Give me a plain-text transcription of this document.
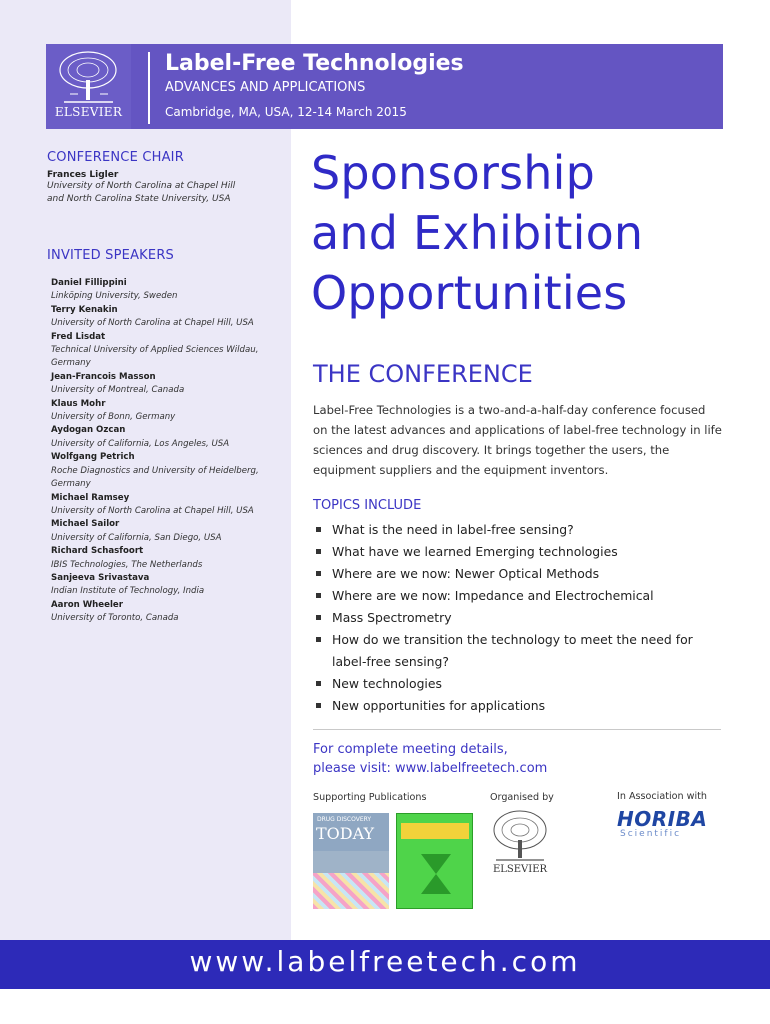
ELSEVIER
Label-Free Technologies
ADVANCES AND APPLICATIONS
Cambridge, MA, USA, 12-14 March 2015
CONFERENCE CHAIR
Frances Ligler
University of North Carolina at Chapel Hill
and North Carolina State University, USA
INVITED SPEAKERS
Daniel Fillippini
Linköping University, Sweden
Terry Kenakin
University of North Carolina at Chapel Hill, USA
Fred Lisdat
Technical University of Applied Sciences Wildau,
Germany
Jean-Francois Masson
University of Montreal, Canada
Klaus Mohr
University of Bonn, Germany
Aydogan Ozcan
University of California, Los Angeles, USA
Wolfgang Petrich
Roche Diagnostics and University of Heidelberg,
Germany
Michael Ramsey
University of North Carolina at Chapel Hill, USA
Michael Sailor
University of California, San Diego, USA
Richard Schasfoort
IBIS Technologies, The Netherlands
Sanjeeva Srivastava
Indian Institute of Technology, India
Aaron Wheeler
University of Toronto, Canada
Sponsorship
and Exhibition
Opportunities
THE CONFERENCE
Label-Free Technologies is a two-and-a-half-day conference focused on the latest advances and applications of label-free technology in life sciences and drug discovery. It brings together the users, the equipment suppliers and the equipment inventors.
TOPICS INCLUDE
What is the need in label-free sensing?
What have we learned Emerging technologies
Where are we now: Newer Optical Methods
Where are we now: Impedance and Electrochemical
Mass Spectrometry
How do we transition the technology to meet the need for label-free sensing?
New technologies
New opportunities for applications
For complete meeting details,
please visit: www.labelfreetech.com
Supporting Publications	Organised by	In Association with
DRUG DISCOVERY
TODAY
ELSEVIER
HORIBA
Scientific
www.labelfreetech.com
